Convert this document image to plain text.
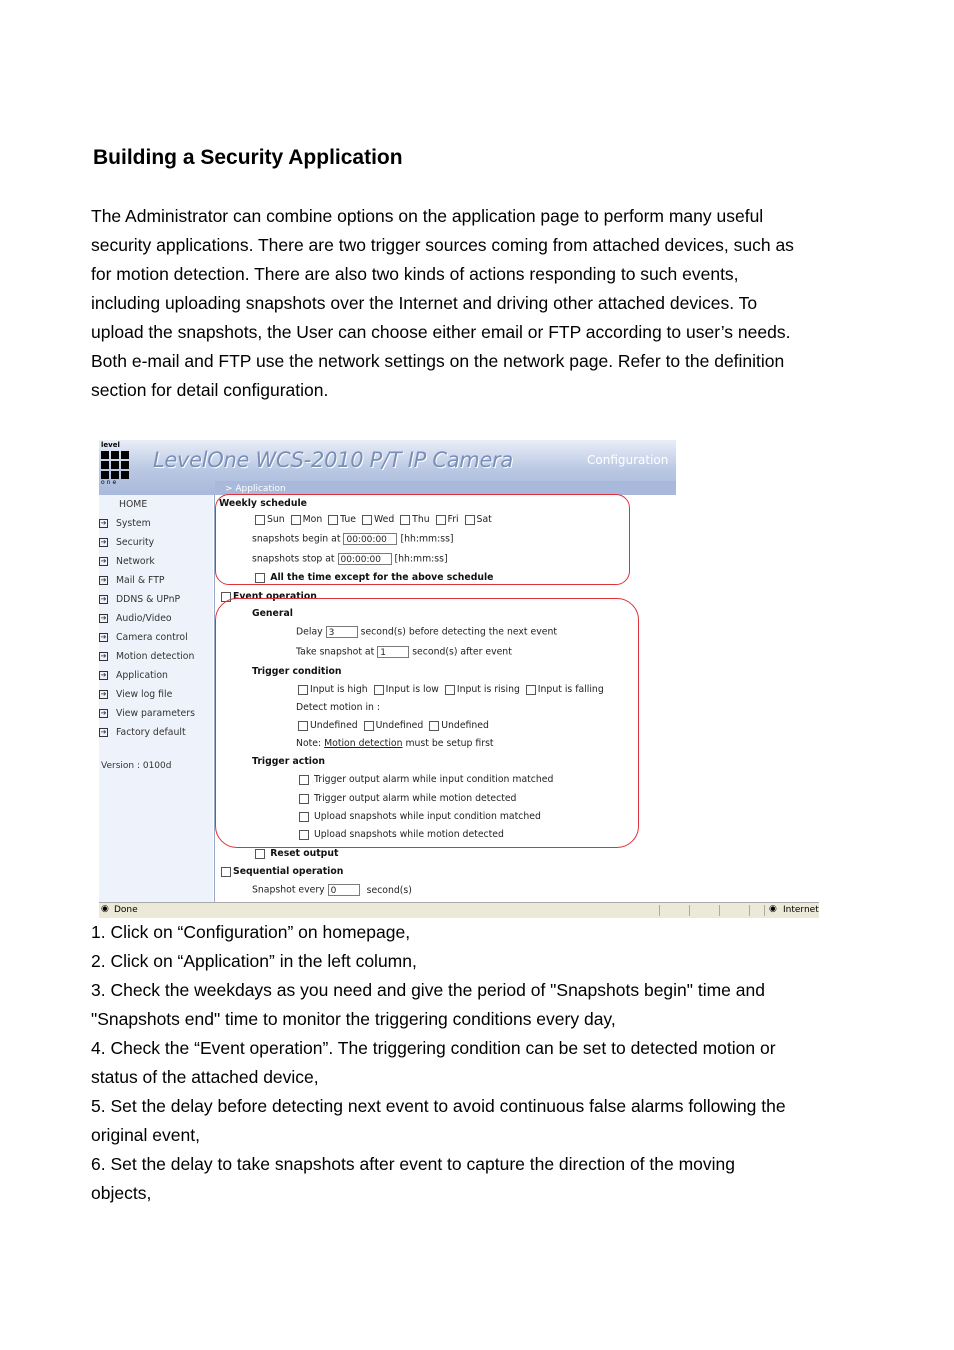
Building a Security Application
The Administrator can combine options on the application page to perform many useful
security applications. There are two trigger sources coming from attached devices, such as
for motion detection. There are also two kinds of actions responding to such events,
including uploading snapshots over the Internet and driving other attached devices. To
upload the snapshots, the User can choose either email or FTP according to user’s needs.
Both e-mail and FTP use the network settings on the network page. Refer to the definition
section for detail configuration.
level
one
LevelOne WCS-2010 P/T IP Camera	Configuration
> Application
HOME
➔ System
➔ Security
➔ Network
➔ Mail & FTP
➔ DDNS & UPnP
➔ Audio/Video
➔ Camera control
➔ Motion detection
➔ Application
➔ View log file
➔ View parameters
➔ Factory default
Version : 0100d
Weekly schedule
Sun Mon Tue Wed Thu Fri Sat
snapshots begin at 00:00:00 [hh:mm:ss]
snapshots stop at 00:00:00 [hh:mm:ss]
All the time except for the above schedule
Event operation
General
Delay 3	second(s) before detecting the next event
Take snapshot at 1	second(s) after event
Trigger condition
Input is high Input is low Input is rising Input is falling
Detect motion in :
Undefined Undefined Undefined
Note: Motion detection must be setup first
Trigger action
Trigger output alarm while input condition matched
Trigger output alarm while motion detected
Upload snapshots while input condition matched
Upload snapshots while motion detected
Reset output
Sequential operation
Snapshot every 0	second(s)
◉ Done	◉ Internet
1. Click on “Configuration” on homepage,
2. Click on “Application” in the left column,
3. Check the weekdays as you need and give the period of "Snapshots begin" time and
"Snapshots end" time to monitor the triggering conditions every day,
4. Check the “Event operation”. The triggering condition can be set to detected motion or
status of the attached device,
5. Set the delay before detecting next event to avoid continuous false alarms following the
original event,
6. Set the delay to take snapshots after event to capture the direction of the moving
objects,
